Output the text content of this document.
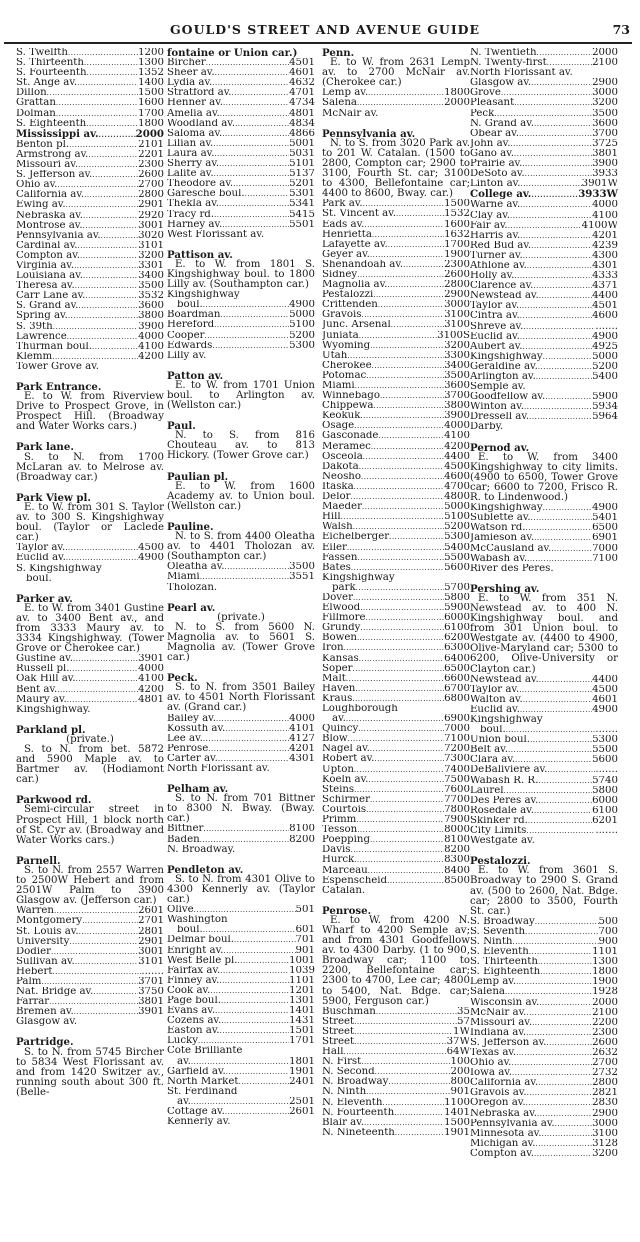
GOULD'S STREET AND AVENUE GUIDE	73
S. Twelfth .....	1200
S. Thirteenth .....	1300
S. Fourteenth .....	1352
St. Ange av. .....	1400
Dillon .....	1500
Grattan .....	1600
Dolman .....	1700
S. Eighteenth .....	1800
Mississippi av. .....	2000
Benton pl. .....	2101
Armstrong av. .....	2201
Missouri av. .....	2300
S. Jefferson av. .....	2600
Ohio av. .....	2700
California av. .....	2800
Ewing av. .....	2901
Nebraska av. .....	2920
Montrose av. .....	3001
Pennsylvania av. .....	3020
Cardinal av. .....	3101
Compton av. .....	3200
Virginia av. .....	3301
Louisiana av. .....	3400
Theresa av. .....	3500
Carr Lane av. .....	3532
S. Grand av. .....	3600
Spring av. .....	3800
S. 39th .....	3900
Lawrence .....	4000
Thurman boul. .....	4100
Klemm .....	4200
Tower Grove av.
Park Entrance.
E. to W. from Riverview Drive to Prospect Grove, in Prospect Hill. (Broadway and Water Works cars.)
Park lane.
S. to N. from 1700 McLaran av. to Melrose av. (Broadway car.)
Park View pl.
E. to W. from 301 S. Taylor av. to 300 S. Kingshighway boul. (Taylor or Laclede car.)
Taylor av. .....	4500
Euclid av. .....	4900
S. Kingshighway
boul.
Parker av.
E. to W. from 3401 Gustine av. to 3400 Bent av., and from 3333 Maury av. to 3334 Kingshighway. (Tower Grove or Cherokee car.)
Gustine av. .....	3901
Russell pl. .....	4000
Oak Hill av. .....	4100
Bent av. .....	4200
Maury av. .....	4801
Kingshighway.
Parkland pl.
(private.)
S. to N. from bet. 5872 and 5900 Maple av. to Bartmer av. (Hodiamont car.)
Parkwood rd.
Semi-circular street in Prospect Hill, 1 block north of St. Cyr av. (Broadway and Water Works cars.)
Parnell.
S. to N. from 2557 Warren to 2500W Hebert and from 2501W Palm to 3900 Glasgow av. (Jefferson car.)
Warren .....	2601
Montgomery .....	2701
St. Louis av. .....	2801
University .....	2901
Dodier .....	3001
Sullivan av. .....	3101
Hebert .....	.......
Palm .....	3701
Nat. Bridge av. .....	3750
Farrar .....	3801
Bremen av. .....	3901
Glasgow av.
Partridge.
S. to N. from 5745 Bircher to 5834 West Florissant av. and from 1420 Switzer av., running south about 300 ft. (Belle-
fontaine or Union car.)
Bircher .....	4501
Sheer av. .....	4601
Lydia av. .....	4632
Stratford av. .....	4701
Henner av. .....	4734
Amelia av. .....	4801
Woodland av. .....	4834
Saloma av. .....	4866
Lilian av. .....	5001
Laura av. .....	5031
Sherry av. .....	5101
Lalite av. .....	5137
Theodore av. .....	5201
Garesche boul. .....	5301
Thekla av. .....	5341
Tracy rd. .....	5415
Harney av. .....	5501
West Florissant av.
Pattison av.
E. to W. from 1801 S. Kingshighway boul. to 1800 Lilly av. (Southampton car.)
Kingshighway
boul. .....	4900
Boardman .....	5000
Hereford .....	5100
Cooper .....	5200
Edwards .....	5300
Lilly av.
Patton av.
E. to W. from 1701 Union boul. to Arlington av. (Wellston car.)
Paul.
N. to S. from 816 Chouteau av. to 813 Hickory. (Tower Grove car.)
Paulian pl.
E. to W. from 1600 Academy av. to Union boul. (Wellston car.)
Pauline.
N. to S. from 4400 Oleatha av. to 4401 Tholozan av. (Southampton car.)
Oleatha av. .....	3500
Miami .....	3551
Tholozan.
Pearl av.
(private.)
N. to S. from 5600 N. Magnolia av. to 5601 S. Magnolia av. (Tower Grove car.)
Peck.
S. to N. from 3501 Bailey av. to 4501 North Florissant av. (Grand car.)
Bailey av. .....	4000
Kossuth av. .....	4101
Lee av. .....	4127
Penrose .....	4201
Carter av. .....	4301
North Florissant av.
Pelham av.
S. to N. from 701 Bittner to 8300 N. Bway. (Bway. car.)
Bittner .....	8100
Baden .....	8200
N. Broadway.
Pendleton av.
S. to N. from 4301 Olive to 4300 Kennerly av. (Taylor car.)
Olive .....	501
Washington
boul. .....	601
Delmar boul. .....	701
Enright av. .....	901
West Belle pl. .....	1001
Fairfax av. .....	1039
Finney av. .....	1101
Cook av. .....	1201
Page boul. .....	1301
Evans av. .....	1401
Cozens av. .....	1431
Easton av. .....	1501
Lucky .....	1701
Cote Brilliante
av. .....	1801
Garfield av. .....	1901
North Market .....	2401
St. Ferdinand
av. .....	2501
Cottage av. .....	2601
Kennerly av.
Penn.
E. to W. from 2631 Lemp av. to 2700 McNair av. (Cherokee car.)
Lemp av. .....	1800
Salena .....	2000
McNair av.
Pennsylvania av.
N. to S. from 3020 Park av. to 201 W. Catalan. (1500 to 2800, Compton car; 2900 to 3100, Fourth St. car; 3100 to 4300, Bellefontaine car; 4400 to 8600, Bway. car.)
Park av. .....	1500
St. Vincent av. .....	1532
Eads av. .....	1600
Henrietta .....	1632
Lafayette av. .....	1700
Geyer av. .....	1900
Shenandoah av. .....	2300
Sidney .....	2600
Magnolia av. .....	2800
Pestalozzi .....	2900
Crittenden .....	3000
Gravois .....	3100
Junc. Arsenal .....	3100
Juniata .....	3100S
Wyoming .....	3200
Utah .....	3300
Cherokee .....	3400
Potomac .....	3500
Miami .....	3600
Winnebago .....	3700
Chippewa .....	3800
Keokuk .....	3900
Osage .....	4000
Gasconade .....	4100
Meramec .....	4200
Osceola .....	4400
Dakota .....	4500
Neosho .....	4600
Itaska .....	4700
Delor .....	4800
Maeder .....	5000
Hill .....	5100
Walsh .....	5200
Eichelberger .....	5300
Eiler .....	5400
Fassen .....	5500
Bates .....	5600
Kingshighway
park .....	5700
Dover .....	5800
Elwood .....	5900
Fillmore .....	6000
Grundy .....	6100
Bowen .....	6200
Iron .....	6300
Kansas .....	6400
Soper .....	6500
Malt .....	6600
Haven .....	6700
Kraus .....	6800
Loughborough
av. .....	6900
Quincy .....	7000
Blow .....	7100
Nagel av. .....	7200
Robert av. .....	7300
Upton .....	7400
Koeln av. .....	7500
Steins .....	7600
Schirmer .....	7700
Courtois .....	7800
Primm .....	7900
Tesson .....	8000
Poepping .....	8100
Davis .....	8200
Hurck .....	8300
Marceau .....	8400
Espenscheid .....	8500
Catalan.
Penrose.
E. to W. from 4200 N. Wharf to 4200 Semple av; and from 4301 Goodfellow av. to 4300 Darby. (1 to 900, Broadway car; 1100 to 2200, Bellefontaine car; 2300 to 4700, Lee car; 4800 to 5400, Nat. Bdge. car; 5900, Ferguson car.)
Buschman .....	35
Street .....	57
Street .....	1W
Street .....	37W
Hall .....	64W
N. First .....	100
N. Second .....	200
N. Broadway .....	800
N. Ninth .....	901
N. Eleventh .....	1100
N. Fourteenth .....	1401
Blair av. .....	1500
N. Nineteenth .....	1901
N. Twentieth .....	2000
N. Twenty-first .....	2100
North Florissant av.
Glasgow av. .....	2900
Grove .....	3000
Pleasant .....	3200
Peck .....	3500
N. Grand av. .....	3600
Obear av. .....	3700
John av. .....	3725
Gano av. .....	3801
Prairie av. .....	3900
DeSoto av. .....	3933
Linton av. .....	3901W
College av. .....	3933W
Warne av. .....	4000
Clay av. .....	4100
Fair av. .....	4100W
Harris av. .....	4201
Red Bud av. .....	4239
Turner av. .....	4300
Athlone av. .....	4301
Holly av. .....	4333
Clarence av. .....	4371
Newstead av. .....	4400
Taylor av. .....	4501
Cintra av. .....	4600
Shreve av. .....	.......
Euclid av. .....	4900
Aubert av. .....	4925
Kingshighway .....	5000
Geraldine av. .....	5200
Arlington av. .....	5400
Semple av.
Goodfellow av. .....	5900
Winton av. .....	5934
Dressell av. .....	5964
Darby.
Pernod av.
E. to W. from 3400 Kingshighway to city limits. (4900 to 6500, Tower Grove car; 6600 to 7200, Frisco R. R. to Lindenwood.)
Kingshighway .....	4900
Sublette av. .....	5401
Watson rd. .....	6500
Jamieson av. .....	6901
McCausland av. .....	7000
Wabash av. .....	7100
River des Peres.
Pershing av.
E. to W. from 351 N. Newstead av. to 400 N. Kingshighway boul. and from 301 Union boul. to Westgate av. (4400 to 4900, Olive-Maryland car; 5300 to 6200, Olive-University or Clayton car.)
Newstead av. .....	4400
Taylor av. .....	4500
Walton av. .....	4601
Euclid av. .....	4900
Kingshighway
boul. .....	.......
Union boul. .....	5300
Belt av. .....	5500
Clara av. .....	5600
DeBaliviere av. .....	.......
Wabash R. R. .....	5740
Laurel .....	5800
Des Peres av. .....	6000
Rosedale av. .....	6100
Skinker rd. .....	6201
City Limits .....	.......
Westgate av.
Pestalozzi.
E. to W. from 3601 S. Broadway to 2900 S. Grand av. (500 to 2600, Nat. Bdge. car; 2800 to 3500, Fourth St. car.)
S. Broadway .....	500
S. Seventh .....	700
S. Ninth .....	900
S. Eleventh .....	1101
S. Thirteenth .....	1300
S. Eighteenth .....	1800
Lemp av. .....	1900
Salena .....	1928
Wisconsin av. .....	2000
McNair av. .....	2100
Missouri av. .....	2200
Indiana av. .....	2300
S. Jefferson av. .....	2600
Texas av. .....	2632
Ohio av. .....	2700
Iowa av. .....	2732
California av. .....	2800
Gravois av. .....	2821
Oregon av. .....	2830
Nebraska av. .....	2900
Pennsylvania av. .....	3000
Minnesota av. .....	3100
Michigan av. .....	3128
Compton av. .....	3200
